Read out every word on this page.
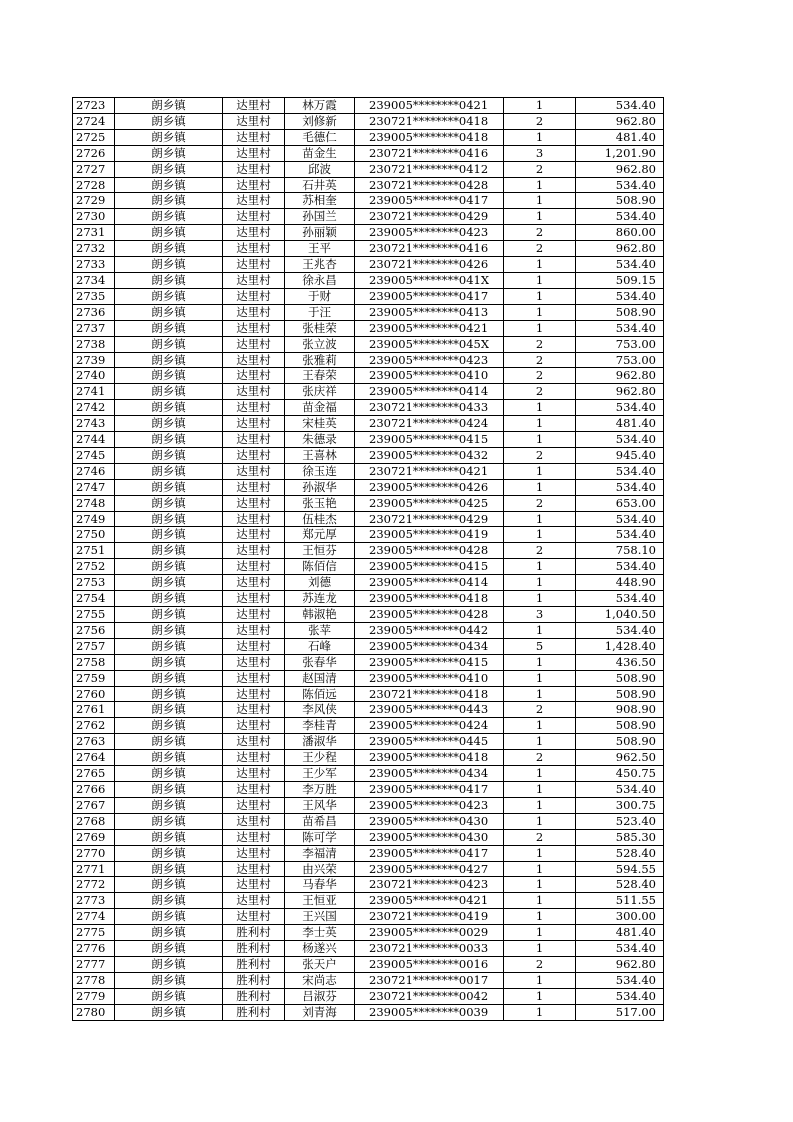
2723	朗乡镇	达里村	林万霞	239005********0421	1	534.40
2724	朗乡镇	达里村	刘修新	230721********0418	2	962.80
2725	朗乡镇	达里村	毛德仁	239005********0418	1	481.40
2726	朗乡镇	达里村	苗金生	230721********0416	3	1,201.90
2727	朗乡镇	达里村	邱波	230721********0412	2	962.80
2728	朗乡镇	达里村	石井英	230721********0428	1	534.40
2729	朗乡镇	达里村	苏相奎	239005********0417	1	508.90
2730	朗乡镇	达里村	孙国兰	230721********0429	1	534.40
2731	朗乡镇	达里村	孙丽颖	239005********0423	2	860.00
2732	朗乡镇	达里村	王平	230721********0416	2	962.80
2733	朗乡镇	达里村	王兆杏	230721********0426	1	534.40
2734	朗乡镇	达里村	徐永昌	239005********041X	1	509.15
2735	朗乡镇	达里村	于财	239005********0417	1	534.40
2736	朗乡镇	达里村	于汪	239005********0413	1	508.90
2737	朗乡镇	达里村	张桂荣	239005********0421	1	534.40
2738	朗乡镇	达里村	张立波	239005********045X	2	753.00
2739	朗乡镇	达里村	张雅莉	239005********0423	2	753.00
2740	朗乡镇	达里村	王春荣	239005********0410	2	962.80
2741	朗乡镇	达里村	张庆祥	239005********0414	2	962.80
2742	朗乡镇	达里村	苗金福	230721********0433	1	534.40
2743	朗乡镇	达里村	宋桂英	230721********0424	1	481.40
2744	朗乡镇	达里村	朱德录	239005********0415	1	534.40
2745	朗乡镇	达里村	王喜林	239005********0432	2	945.40
2746	朗乡镇	达里村	徐玉连	230721********0421	1	534.40
2747	朗乡镇	达里村	孙淑华	239005********0426	1	534.40
2748	朗乡镇	达里村	张玉艳	239005********0425	2	653.00
2749	朗乡镇	达里村	伍桂杰	230721********0429	1	534.40
2750	朗乡镇	达里村	郑元厚	239005********0419	1	534.40
2751	朗乡镇	达里村	王恒芬	239005********0428	2	758.10
2752	朗乡镇	达里村	陈佰信	239005********0415	1	534.40
2753	朗乡镇	达里村	刘德	239005********0414	1	448.90
2754	朗乡镇	达里村	苏连龙	239005********0418	1	534.40
2755	朗乡镇	达里村	韩淑艳	239005********0428	3	1,040.50
2756	朗乡镇	达里村	张苹	239005********0442	1	534.40
2757	朗乡镇	达里村	石峰	239005********0434	5	1,428.40
2758	朗乡镇	达里村	张春华	239005********0415	1	436.50
2759	朗乡镇	达里村	赵国清	239005********0410	1	508.90
2760	朗乡镇	达里村	陈佰远	230721********0418	1	508.90
2761	朗乡镇	达里村	李风侠	239005********0443	2	908.90
2762	朗乡镇	达里村	李桂青	239005********0424	1	508.90
2763	朗乡镇	达里村	潘淑华	239005********0445	1	508.90
2764	朗乡镇	达里村	王少程	239005********0418	2	962.50
2765	朗乡镇	达里村	王少军	239005********0434	1	450.75
2766	朗乡镇	达里村	李万胜	239005********0417	1	534.40
2767	朗乡镇	达里村	王风华	239005********0423	1	300.75
2768	朗乡镇	达里村	苗希昌	239005********0430	1	523.40
2769	朗乡镇	达里村	陈可学	239005********0430	2	585.30
2770	朗乡镇	达里村	李福清	239005********0417	1	528.40
2771	朗乡镇	达里村	由兴荣	239005********0427	1	594.55
2772	朗乡镇	达里村	马春华	230721********0423	1	528.40
2773	朗乡镇	达里村	王恒亚	239005********0421	1	511.55
2774	朗乡镇	达里村	王兴国	230721********0419	1	300.00
2775	朗乡镇	胜利村	李士英	239005********0029	1	481.40
2776	朗乡镇	胜利村	杨遂兴	230721********0033	1	534.40
2777	朗乡镇	胜利村	张天户	239005********0016	2	962.80
2778	朗乡镇	胜利村	宋尚志	230721********0017	1	534.40
2779	朗乡镇	胜利村	吕淑芬	230721********0042	1	534.40
2780	朗乡镇	胜利村	刘青海	239005********0039	1	517.00
